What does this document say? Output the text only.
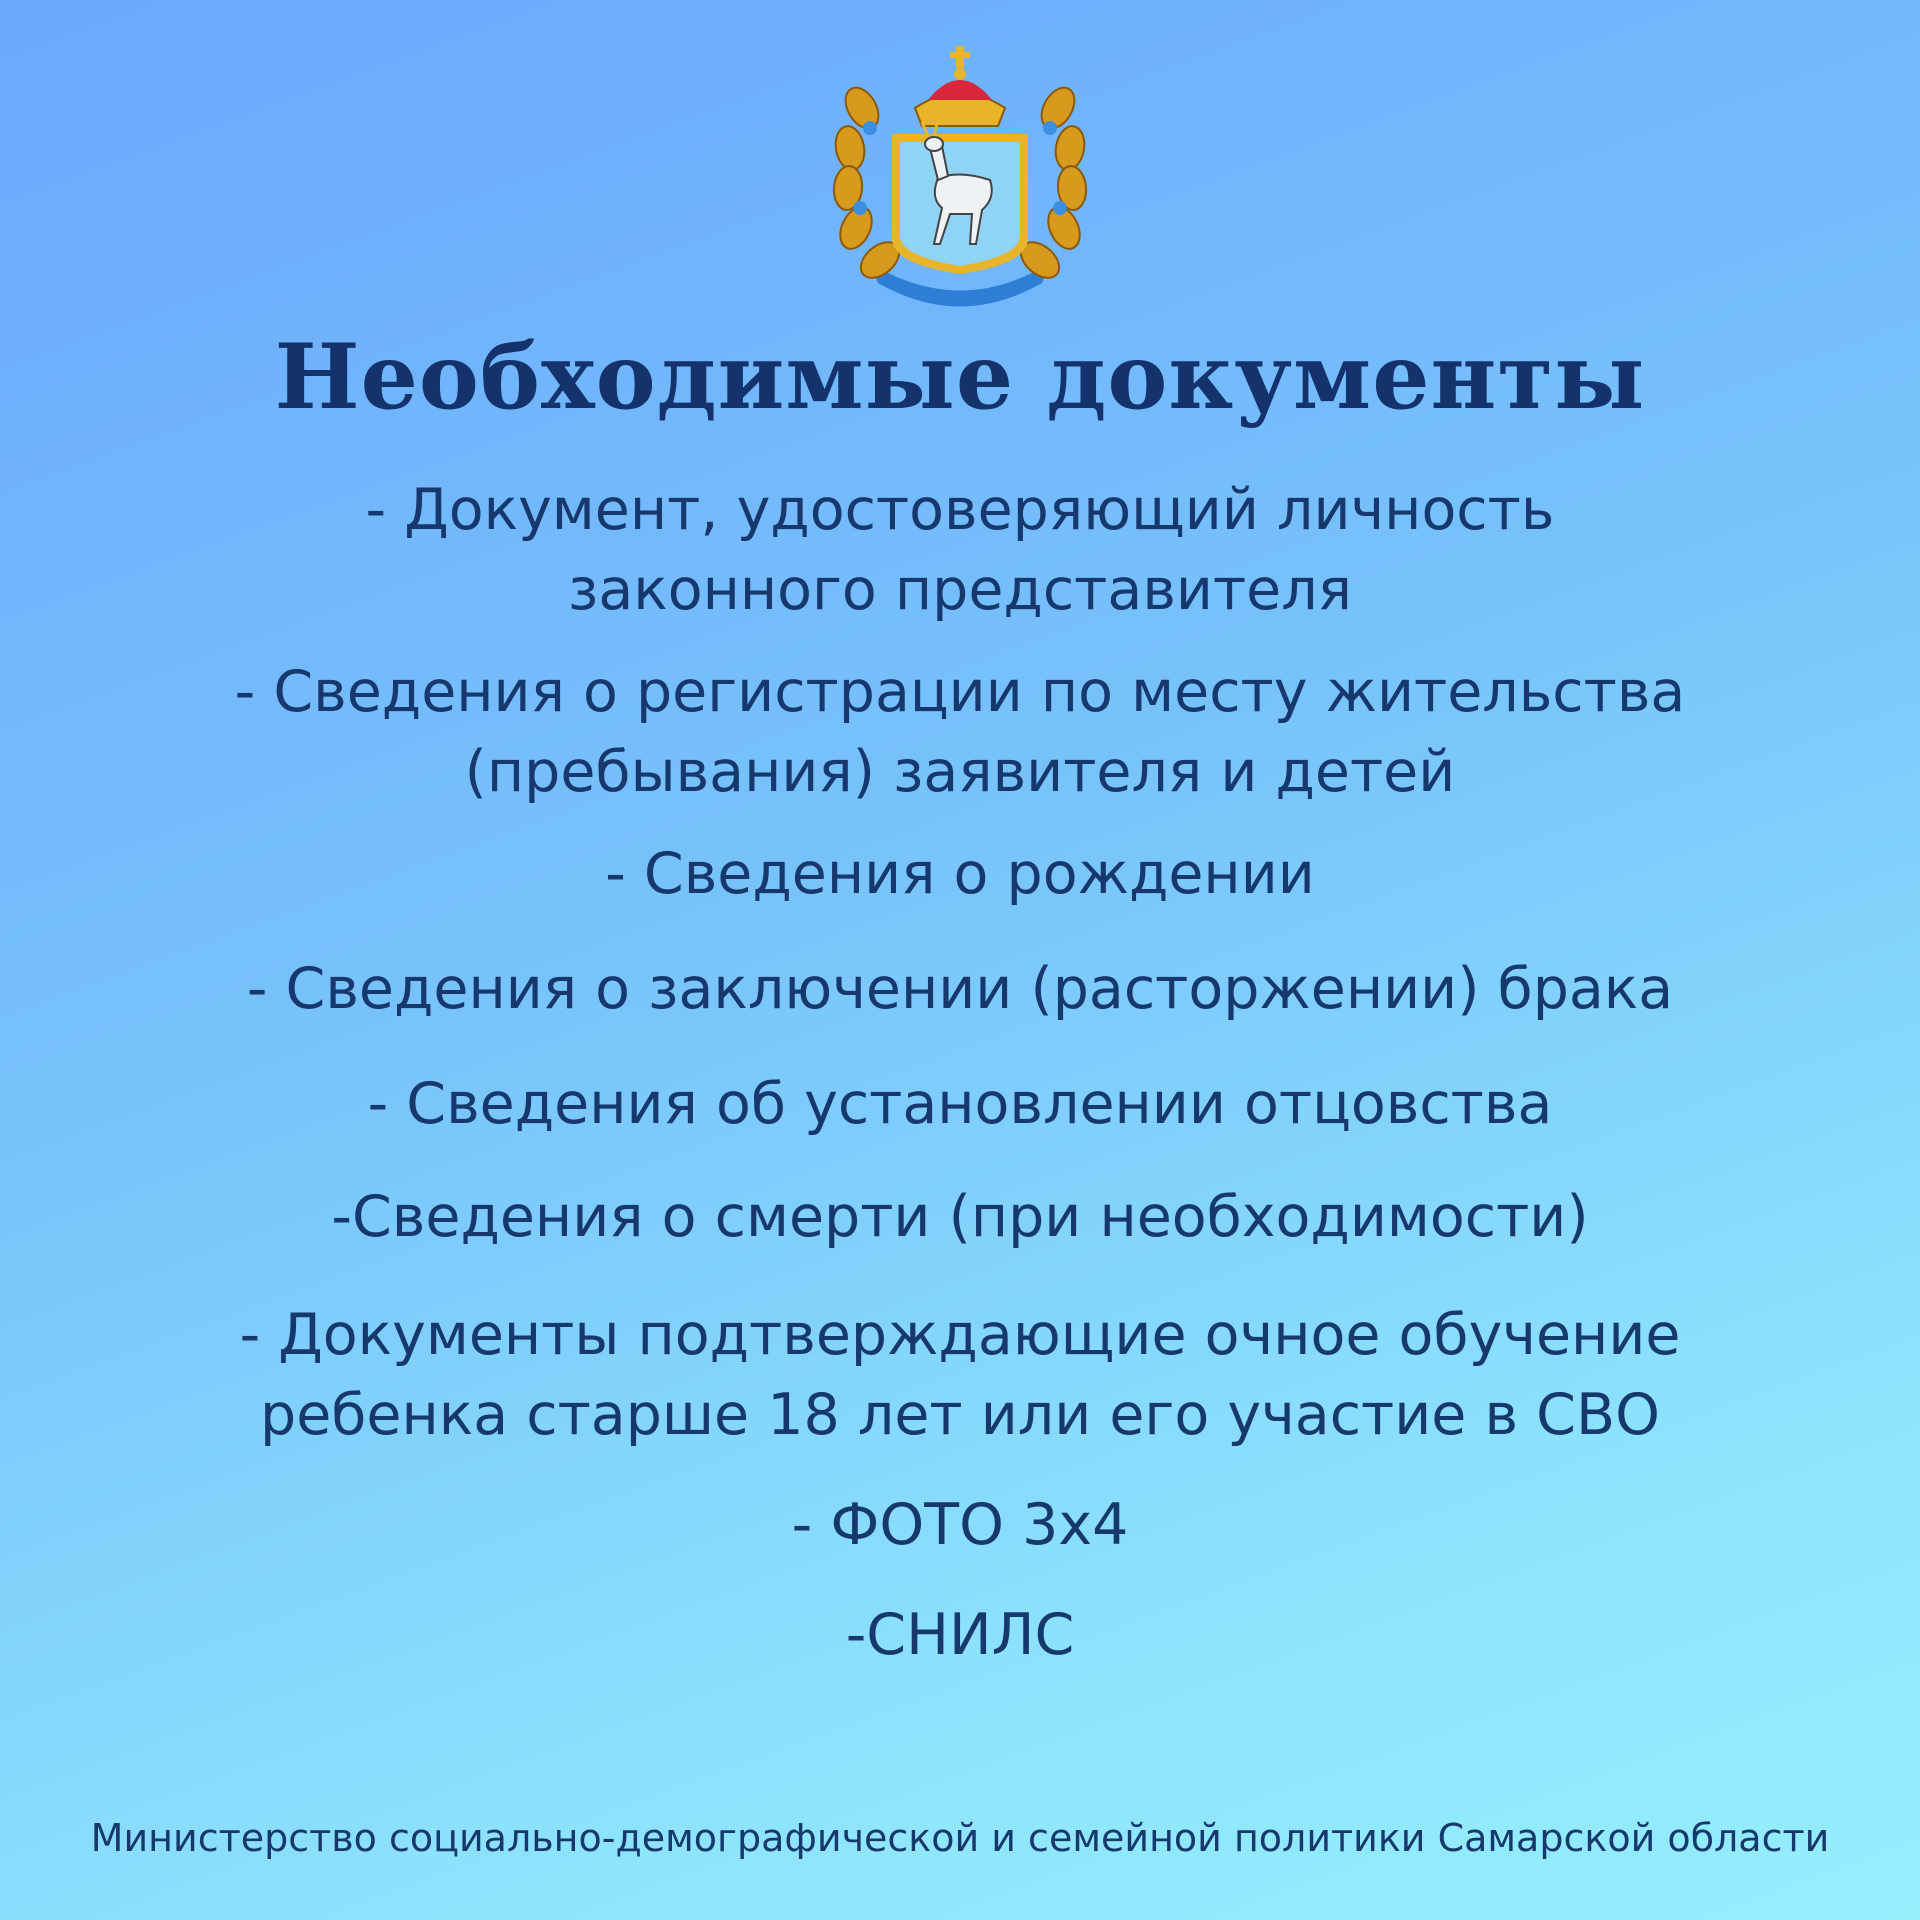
Необходимые документы

- Документ, удостоверяющий личность
законного представителя

- Сведения о регистрации по месту жительства
(пребывания) заявителя и детей

- Сведения о рождении

- Сведения о заключении (расторжении) брака

- Сведения об установлении отцовства

-Сведения о смерти (при необходимости)

- Документы подтверждающие очное обучение
ребенка старше 18 лет или его участие в СВО

- ФОТО 3х4

-СНИЛС

Министерство социально-демографической и семейной политики Самарской области
